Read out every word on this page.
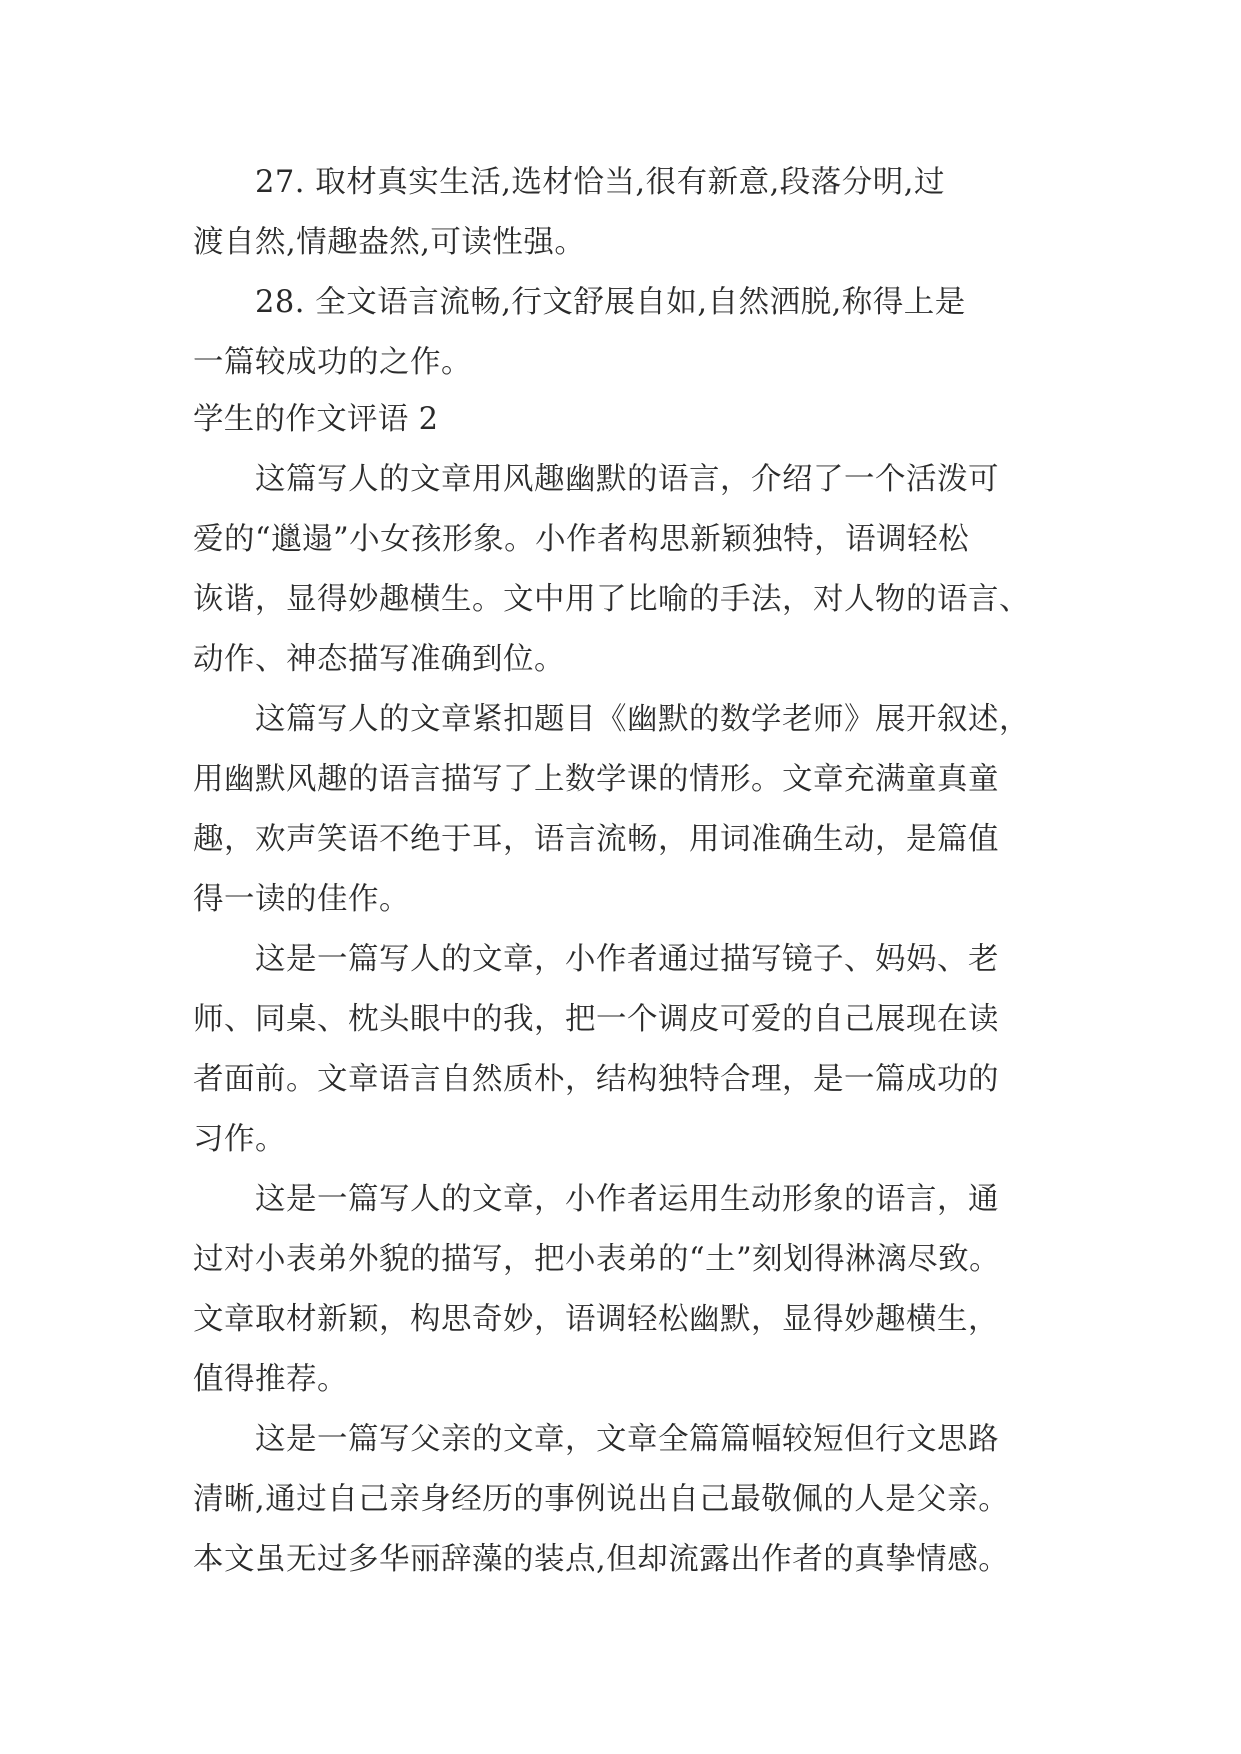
27. 取材真实生活,选材恰当,很有新意,段落分明,过
渡自然,情趣盎然,可读性强。
28. 全文语言流畅,行文舒展自如,自然洒脱,称得上是
一篇较成功的之作。
学生的作文评语 2
这篇写人的文章用风趣幽默的语言，介绍了一个活泼可
爱的“邋遢”小女孩形象。小作者构思新颖独特，语调轻松
诙谐，显得妙趣横生。文中用了比喻的手法，对人物的语言、
动作、神态描写准确到位。
这篇写人的文章紧扣题目《幽默的数学老师》展开叙述，
用幽默风趣的语言描写了上数学课的情形。文章充满童真童
趣，欢声笑语不绝于耳，语言流畅，用词准确生动，是篇值
得一读的佳作。
这是一篇写人的文章，小作者通过描写镜子、妈妈、老
师、同桌、枕头眼中的我，把一个调皮可爱的自己展现在读
者面前。文章语言自然质朴，结构独特合理，是一篇成功的
习作。
这是一篇写人的文章，小作者运用生动形象的语言，通
过对小表弟外貌的描写，把小表弟的“土”刻划得淋漓尽致。
文章取材新颖，构思奇妙，语调轻松幽默，显得妙趣横生，
值得推荐。
这是一篇写父亲的文章，文章全篇篇幅较短但行文思路
清晰,通过自己亲身经历的事例说出自己最敬佩的人是父亲。
本文虽无过多华丽辞藻的装点,但却流露出作者的真挚情感。
